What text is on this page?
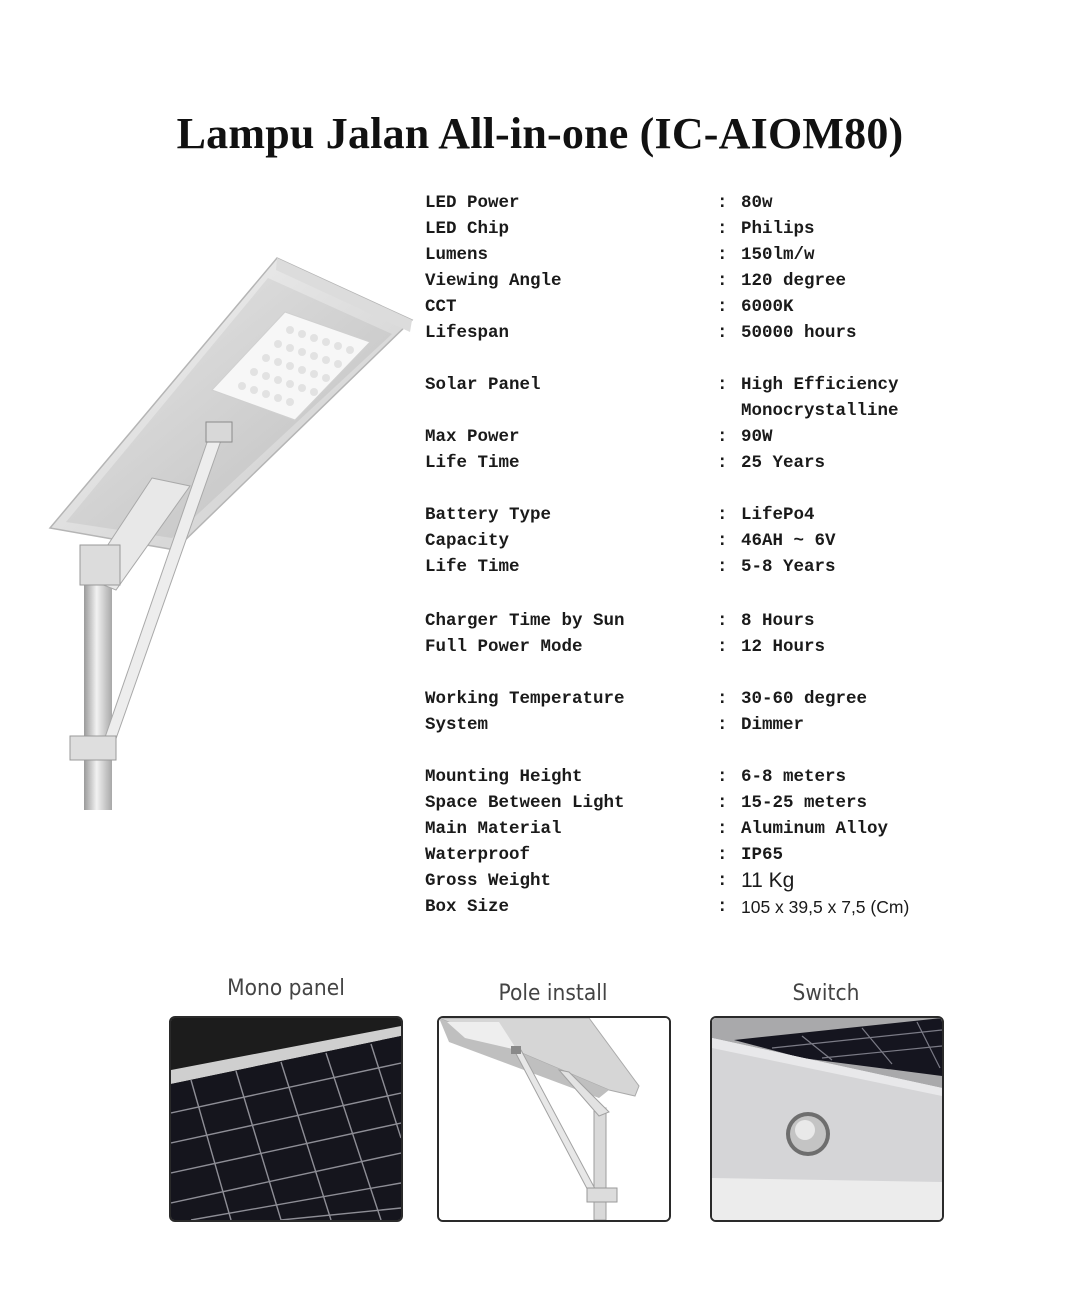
Lampu Jalan All-in-one (IC-AIOM80)
LED Power	: 80w
LED Chip	: Philips
Lumens	: 150lm/w
Viewing Angle	: 120 degree
CCT	: 6000K
Lifespan	: 50000 hours
Solar Panel	: High Efficiency
Monocrystalline
Max Power	: 90W
Life Time	: 25 Years
Battery Type	: LifePo4
Capacity	: 46AH ~ 6V
Life Time	: 5-8 Years
Charger Time by Sun	: 8 Hours
Full Power Mode	: 12 Hours
Working Temperature	: 30-60 degree
System	: Dimmer
Mounting Height	: 6-8 meters
Space Between Light	: 15-25 meters
Main Material	: Aluminum Alloy
Waterproof	: IP65
Gross Weight	: 11 Kg
Box Size	: 105 x 39,5 x 7,5 (Cm)
Mono panel	Pole install	Switch
